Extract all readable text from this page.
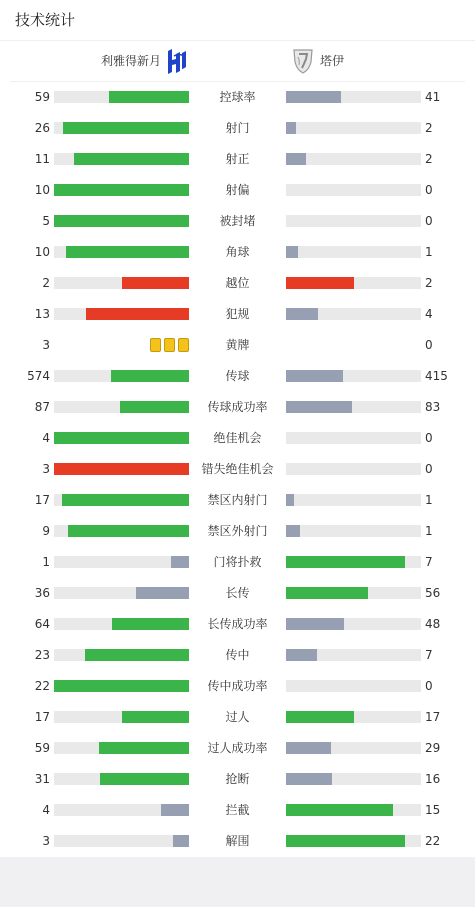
技术统计
利雅得新月	塔伊
59	控球率	41
26	射门	2
11	射正	2
10	射偏	0
5	被封堵	0
10	角球	1
2	越位	2
13	犯规	4
3	黄牌	0
574	传球	415
87	传球成功率	83
4	绝佳机会	0
3	错失绝佳机会	0
17	禁区内射门	1
9	禁区外射门	1
1	门将扑救	7
36	长传	56
64	长传成功率	48
23	传中	7
22	传中成功率	0
17	过人	17
59	过人成功率	29
31	抢断	16
4	拦截	15
3	解围	22
